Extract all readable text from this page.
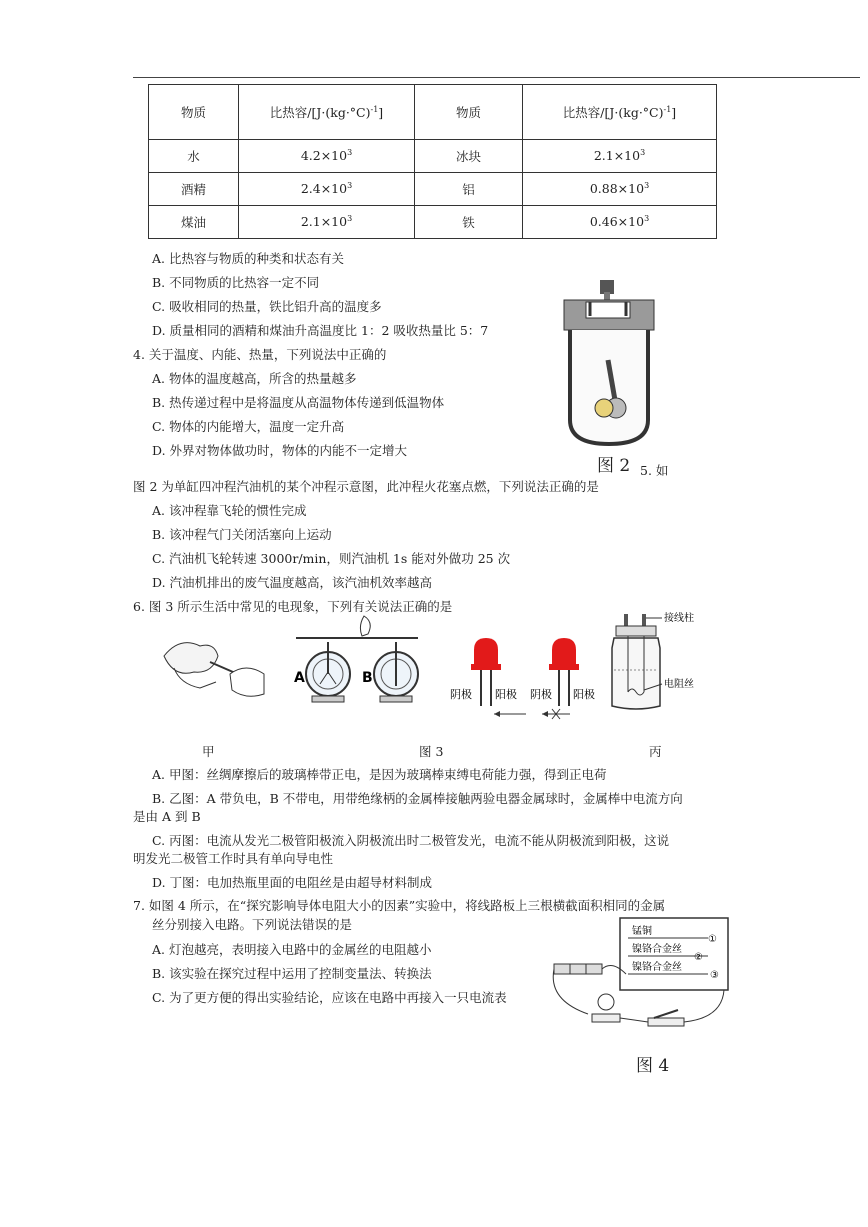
物质	比热容$/[J\cdot(kg\cdot^\circ C)^{-1}]$	物质	比热容$/[J\cdot(kg\cdot^\circ C)^{-1}]$
水	$4.2\times 10^3$	冰块	$2.1\times 10^3$
酒精	$2.4\times 10^3$	铝	$0.88\times 10^3$
煤油	$2.1\times 10^3$	铁	$0.46\times 10^3$
A. 比热容与物质的种类和状态有关
B. 不同物质的比热容一定不同
C. 吸收相同的热量，铁比铝升高的温度多
D. 质量相同的酒精和煤油升高温度比 1：2 吸收热量比 5：7
4. 关于温度、内能、热量，下列说法中正确的
A. 物体的温度越高，所含的热量越多
B. 热传递过程中是将温度从高温物体传递到低温物体
C. 物体的内能增大，温度一定升高
D. 外界对物体做功时，物体的内能不一定增大
图 2 5. 如
图 2 为单缸四冲程汽油机的某个冲程示意图，此冲程火花塞点燃，下列说法正确的是
A. 该冲程靠飞轮的惯性完成
B. 该冲程气门关闭活塞向上运动
C. 汽油机飞轮转速 3000r/min，则汽油机 1s 能对外做功 25 次
D. 汽油机排出的废气温度越高，该汽油机效率越高
6. 图 3 所示生活中常见的电现象，下列有关说法正确的是
A	B
阴极 阳极 阴极 阳极
接线柱
电阻丝
甲	图 3	丙
A. 甲图：丝绸摩擦后的玻璃棒带正电，是因为玻璃棒束缚电荷能力强，得到正电荷
B. 乙图：A 带负电，B 不带电，用带绝缘柄的金属棒接触两验电器金属球时，金属棒中电流方向
是由 A 到 B
C. 丙图：电流从发光二极管阳极流入阴极流出时二极管发光，电流不能从阴极流到阳极，这说
明发光二极管工作时具有单向导电性
D. 丁图：电加热瓶里面的电阻丝是由超导材料制成
7. 如图 4 所示，在“探究影响导体电阻大小的因素”实验中，将线路板上三根横截面积相同的金属
丝分别接入电路。下列说法错误的是
A. 灯泡越亮，表明接入电路中的金属丝的电阻越小
B. 该实验在探究过程中运用了控制变量法、转换法
C. 为了更方便的得出实验结论，应该在电路中再接入一只电流表
锰铜
镍铬合金丝
镍铬合金丝
①
②
③
图 4
